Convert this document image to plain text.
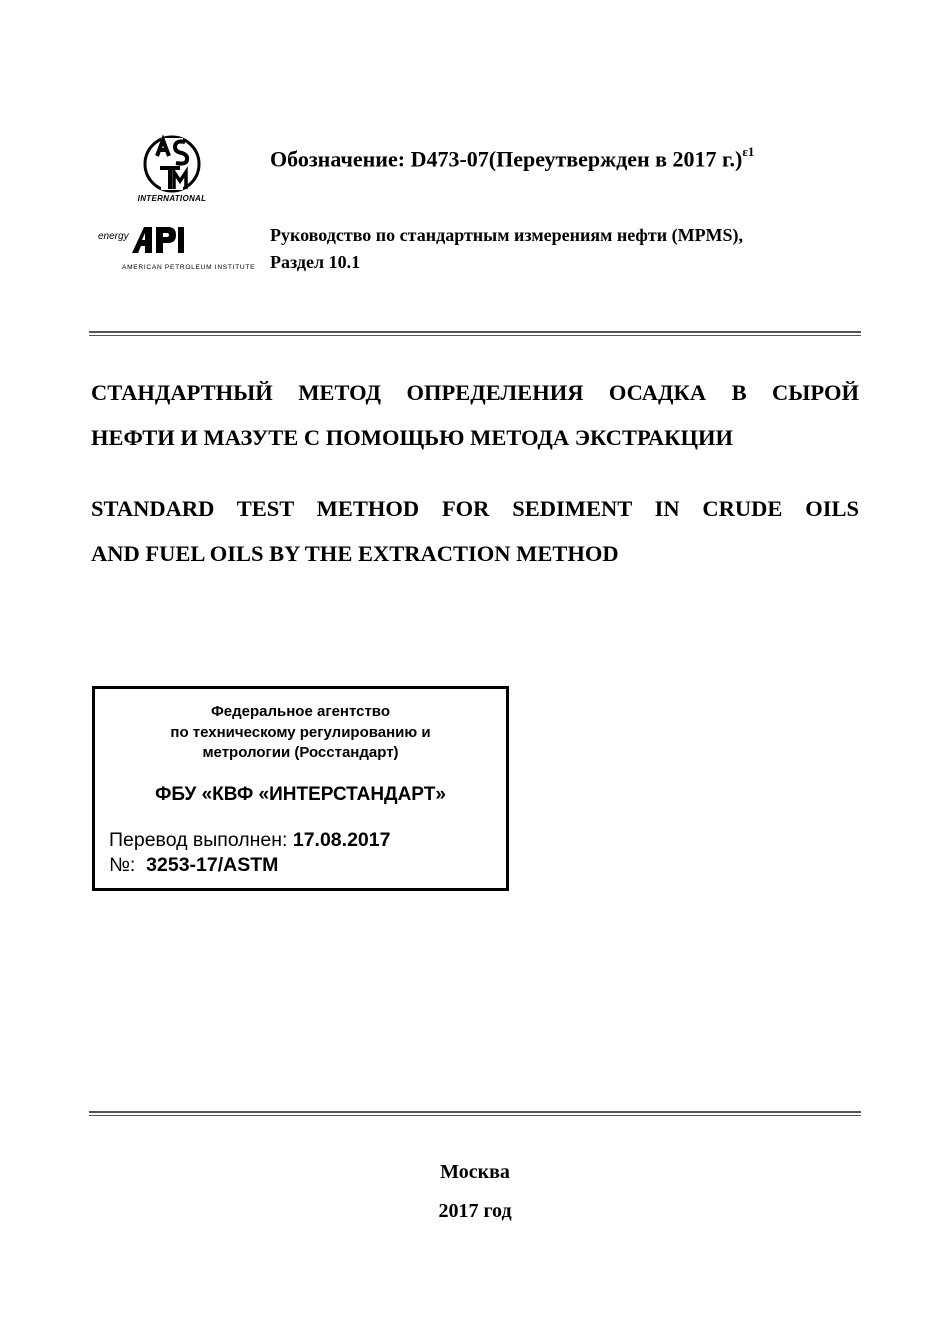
INTERNATIONAL
energy
AMERICAN PETROLEUM INSTITUTE
Обозначение: D473-07(Переутвержден в 2017 г.)$^{\varepsilon 1}$
Руководство по стандартным измерениям нефти (MPMS),
Раздел 10.1
СТАНДАРТНЫЙ МЕТОД ОПРЕДЕЛЕНИЯ ОСАДКА В СЫРОЙ
НЕФТИ И МАЗУТЕ С ПОМОЩЬЮ МЕТОДА ЭКСТРАКЦИИ
STANDARD TEST METHOD FOR SEDIMENT IN CRUDE OILS
AND FUEL OILS BY THE EXTRACTION METHOD
Федеральное агентство
по техническому регулированию и
метрологии (Росстандарт)
ФБУ «КВФ «ИНТЕРСТАНДАРТ»
Перевод выполнен: 17.08.2017
№:  3253-17/ASTM
Москва
2017 год
